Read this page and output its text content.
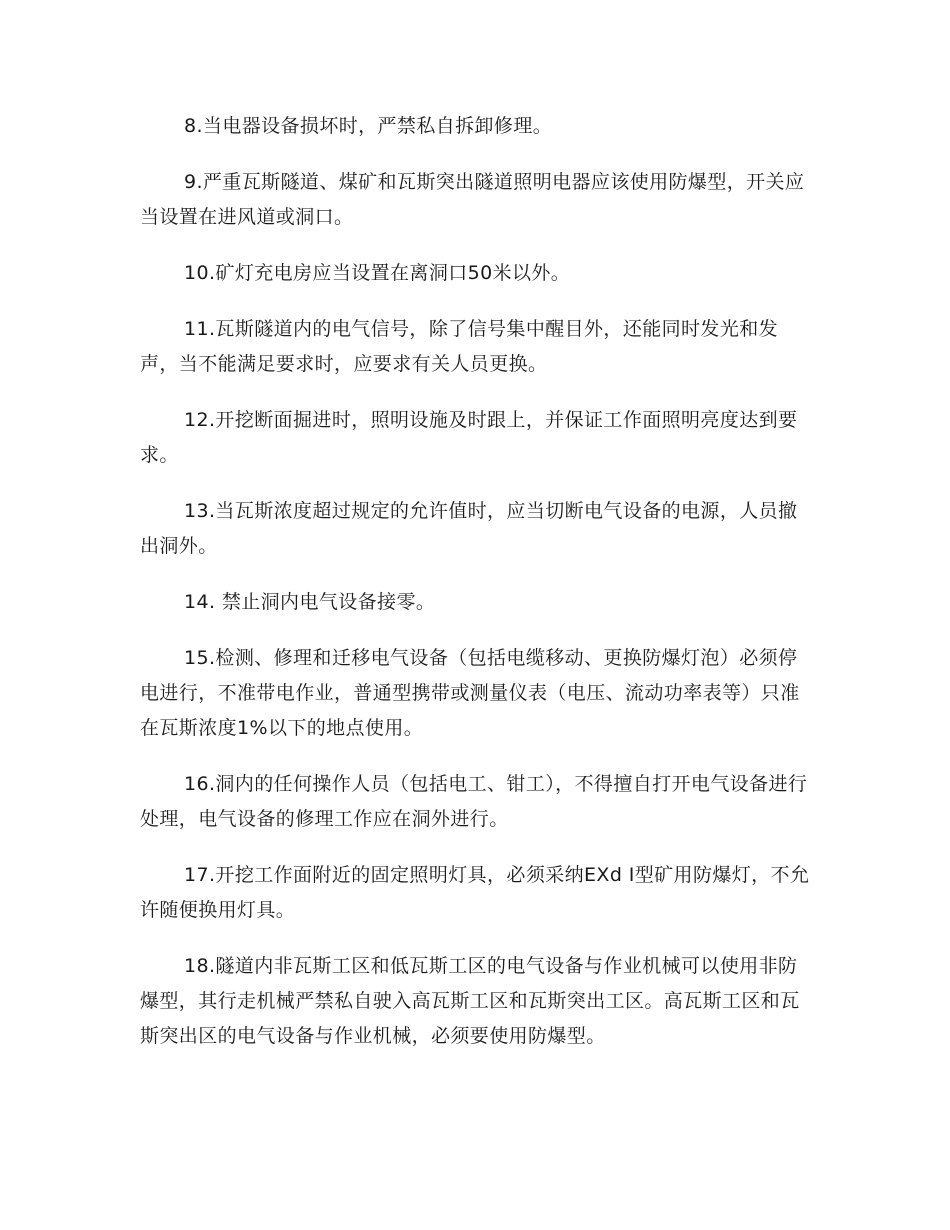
8.当电器设备损坏时，严禁私自拆卸修理。

9.严重瓦斯隧道、煤矿和瓦斯突出隧道照明电器应该使用防爆型，开关应当设置在进风道或洞口。

10.矿灯充电房应当设置在离洞口50米以外。

11.瓦斯隧道内的电气信号，除了信号集中醒目外，还能同时发光和发声，当不能满足要求时，应要求有关人员更换。

12.开挖断面掘进时，照明设施及时跟上，并保证工作面照明亮度达到要求。

13.当瓦斯浓度超过规定的允许值时，应当切断电气设备的电源，人员撤出洞外。

14. 禁止洞内电气设备接零。

15.检测、修理和迁移电气设备（包括电缆移动、更换防爆灯泡）必须停电进行，不准带电作业，普通型携带或测量仪表（电压、流动功率表等）只准在瓦斯浓度1%以下的地点使用。

16.洞内的任何操作人员（包括电工、钳工），不得擅自打开电气设备进行处理，电气设备的修理工作应在洞外进行。

17.开挖工作面附近的固定照明灯具，必须采纳EXd I型矿用防爆灯，不允许随便换用灯具。

18.隧道内非瓦斯工区和低瓦斯工区的电气设备与作业机械可以使用非防爆型，其行走机械严禁私自驶入高瓦斯工区和瓦斯突出工区。高瓦斯工区和瓦斯突出区的电气设备与作业机械，必须要使用防爆型。
